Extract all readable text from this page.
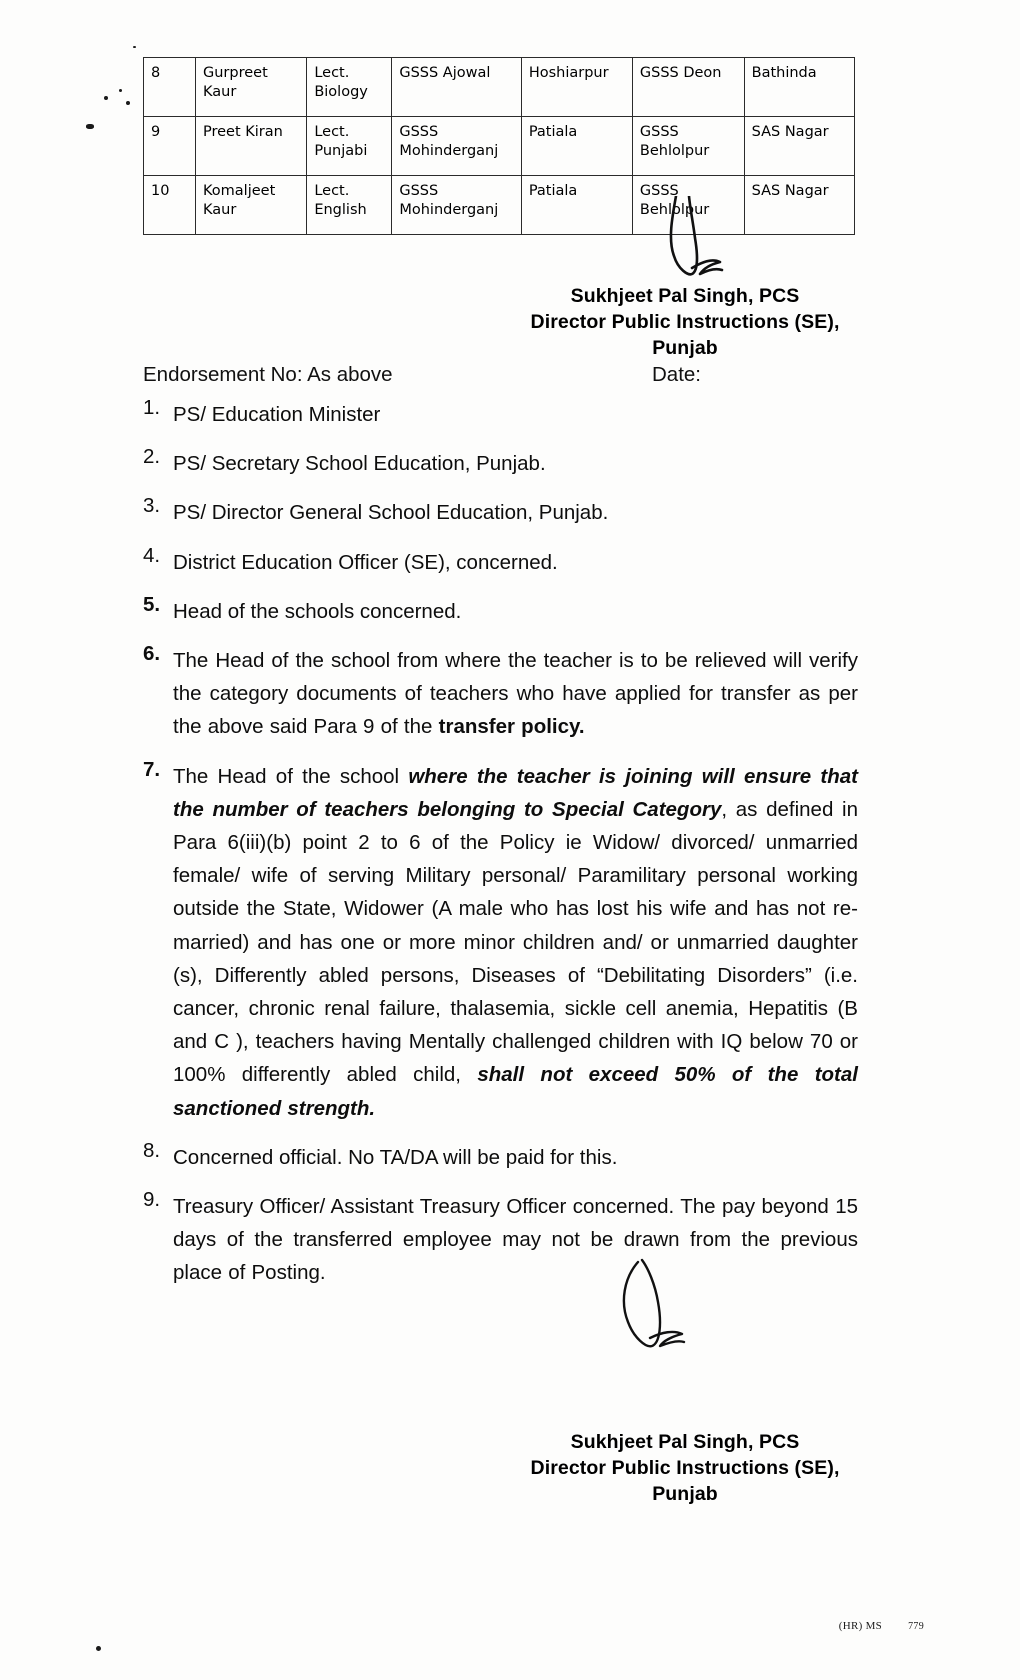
8	Gurpreet Kaur	Lect. Biology	GSSS Ajowal	Hoshiarpur	GSSS Deon	Bathinda
9	Preet Kiran	Lect. Punjabi	GSSS Mohinderganj	Patiala	GSSS Behlolpur	SAS Nagar
10	Komaljeet Kaur	Lect. English	GSSS Mohinderganj	Patiala	GSSS Behlolpur	SAS Nagar
Sukhjeet Pal Singh, PCS
Director Public Instructions (SE),
Punjab
Endorsement No: As above	Date:
1. PS/ Education Minister
2. PS/ Secretary School Education, Punjab.
3. PS/ Director General School Education, Punjab.
4. District Education Officer (SE), concerned.
5. Head of the schools concerned.
6. The Head of the school from where the teacher is to be relieved will verify the category documents of teachers who have applied for transfer as per the above said Para 9 of the transfer policy.
7. The Head of the school where the teacher is joining will ensure that the number of teachers belonging to Special Category, as defined in Para 6(iii)(b) point 2 to 6 of the Policy ie Widow/ divorced/ unmarried female/ wife of serving Military personal/ Paramilitary personal working outside the State, Widower (A male who has lost his wife and has not re-married) and has one or more minor children and/ or unmarried daughter (s), Differently abled persons, Diseases of “Debilitating Disorders” (i.e. cancer, chronic renal failure, thalasemia, sickle cell anemia, Hepatitis (B and C ), teachers having Mentally challenged children with IQ below 70 or 100% differently abled child, shall not exceed 50% of the total sanctioned strength.
8. Concerned official. No TA/DA will be paid for this.
9. Treasury Officer/ Assistant Treasury Officer concerned. The pay beyond 15 days of the transferred employee may not be drawn from the previous place of Posting.
Sukhjeet Pal Singh, PCS
Director Public Instructions (SE),
Punjab
(HR) MS	779
